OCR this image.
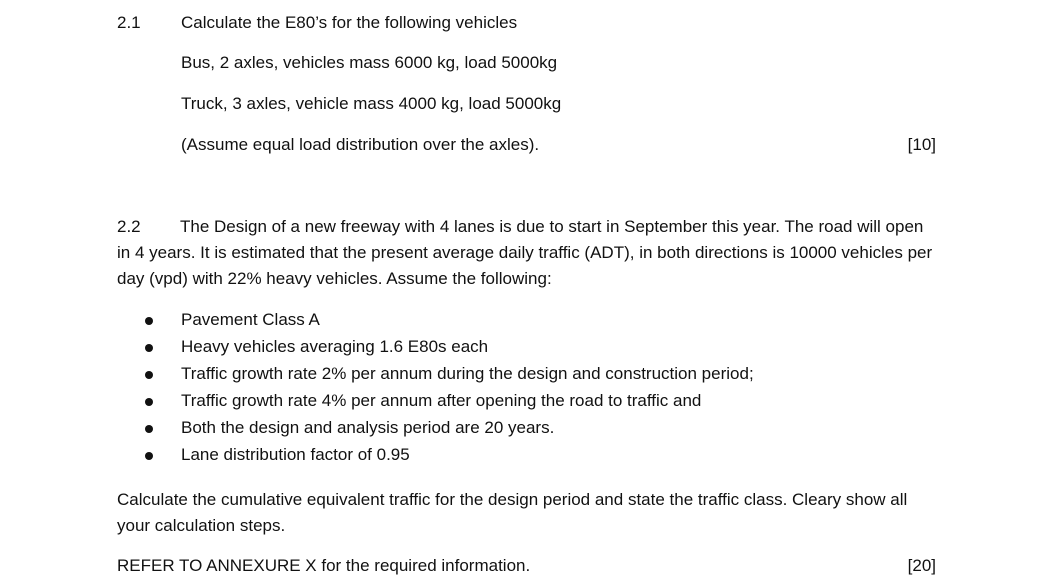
2.1 Calculate the E80’s for the following vehicles
Bus, 2 axles, vehicles mass 6000 kg, load 5000kg
Truck, 3 axles, vehicle mass 4000 kg, load 5000kg
(Assume equal load distribution over the axles).	[10]
2.2 The Design of a new freeway with 4 lanes is due to start in September this year. The road will open in 4 years. It is estimated that the present average daily traffic (ADT), in both directions is 10000 vehicles per day (vpd) with 22% heavy vehicles. Assume the following:
Pavement Class A
Heavy vehicles averaging 1.6 E80s each
Traffic growth rate 2% per annum during the design and construction period;
Traffic growth rate 4% per annum after opening the road to traffic and
Both the design and analysis period are 20 years.
Lane distribution factor of 0.95
Calculate the cumulative equivalent traffic for the design period and state the traffic class. Cleary show all your calculation steps.
REFER TO ANNEXURE X for the required information.	[20]
